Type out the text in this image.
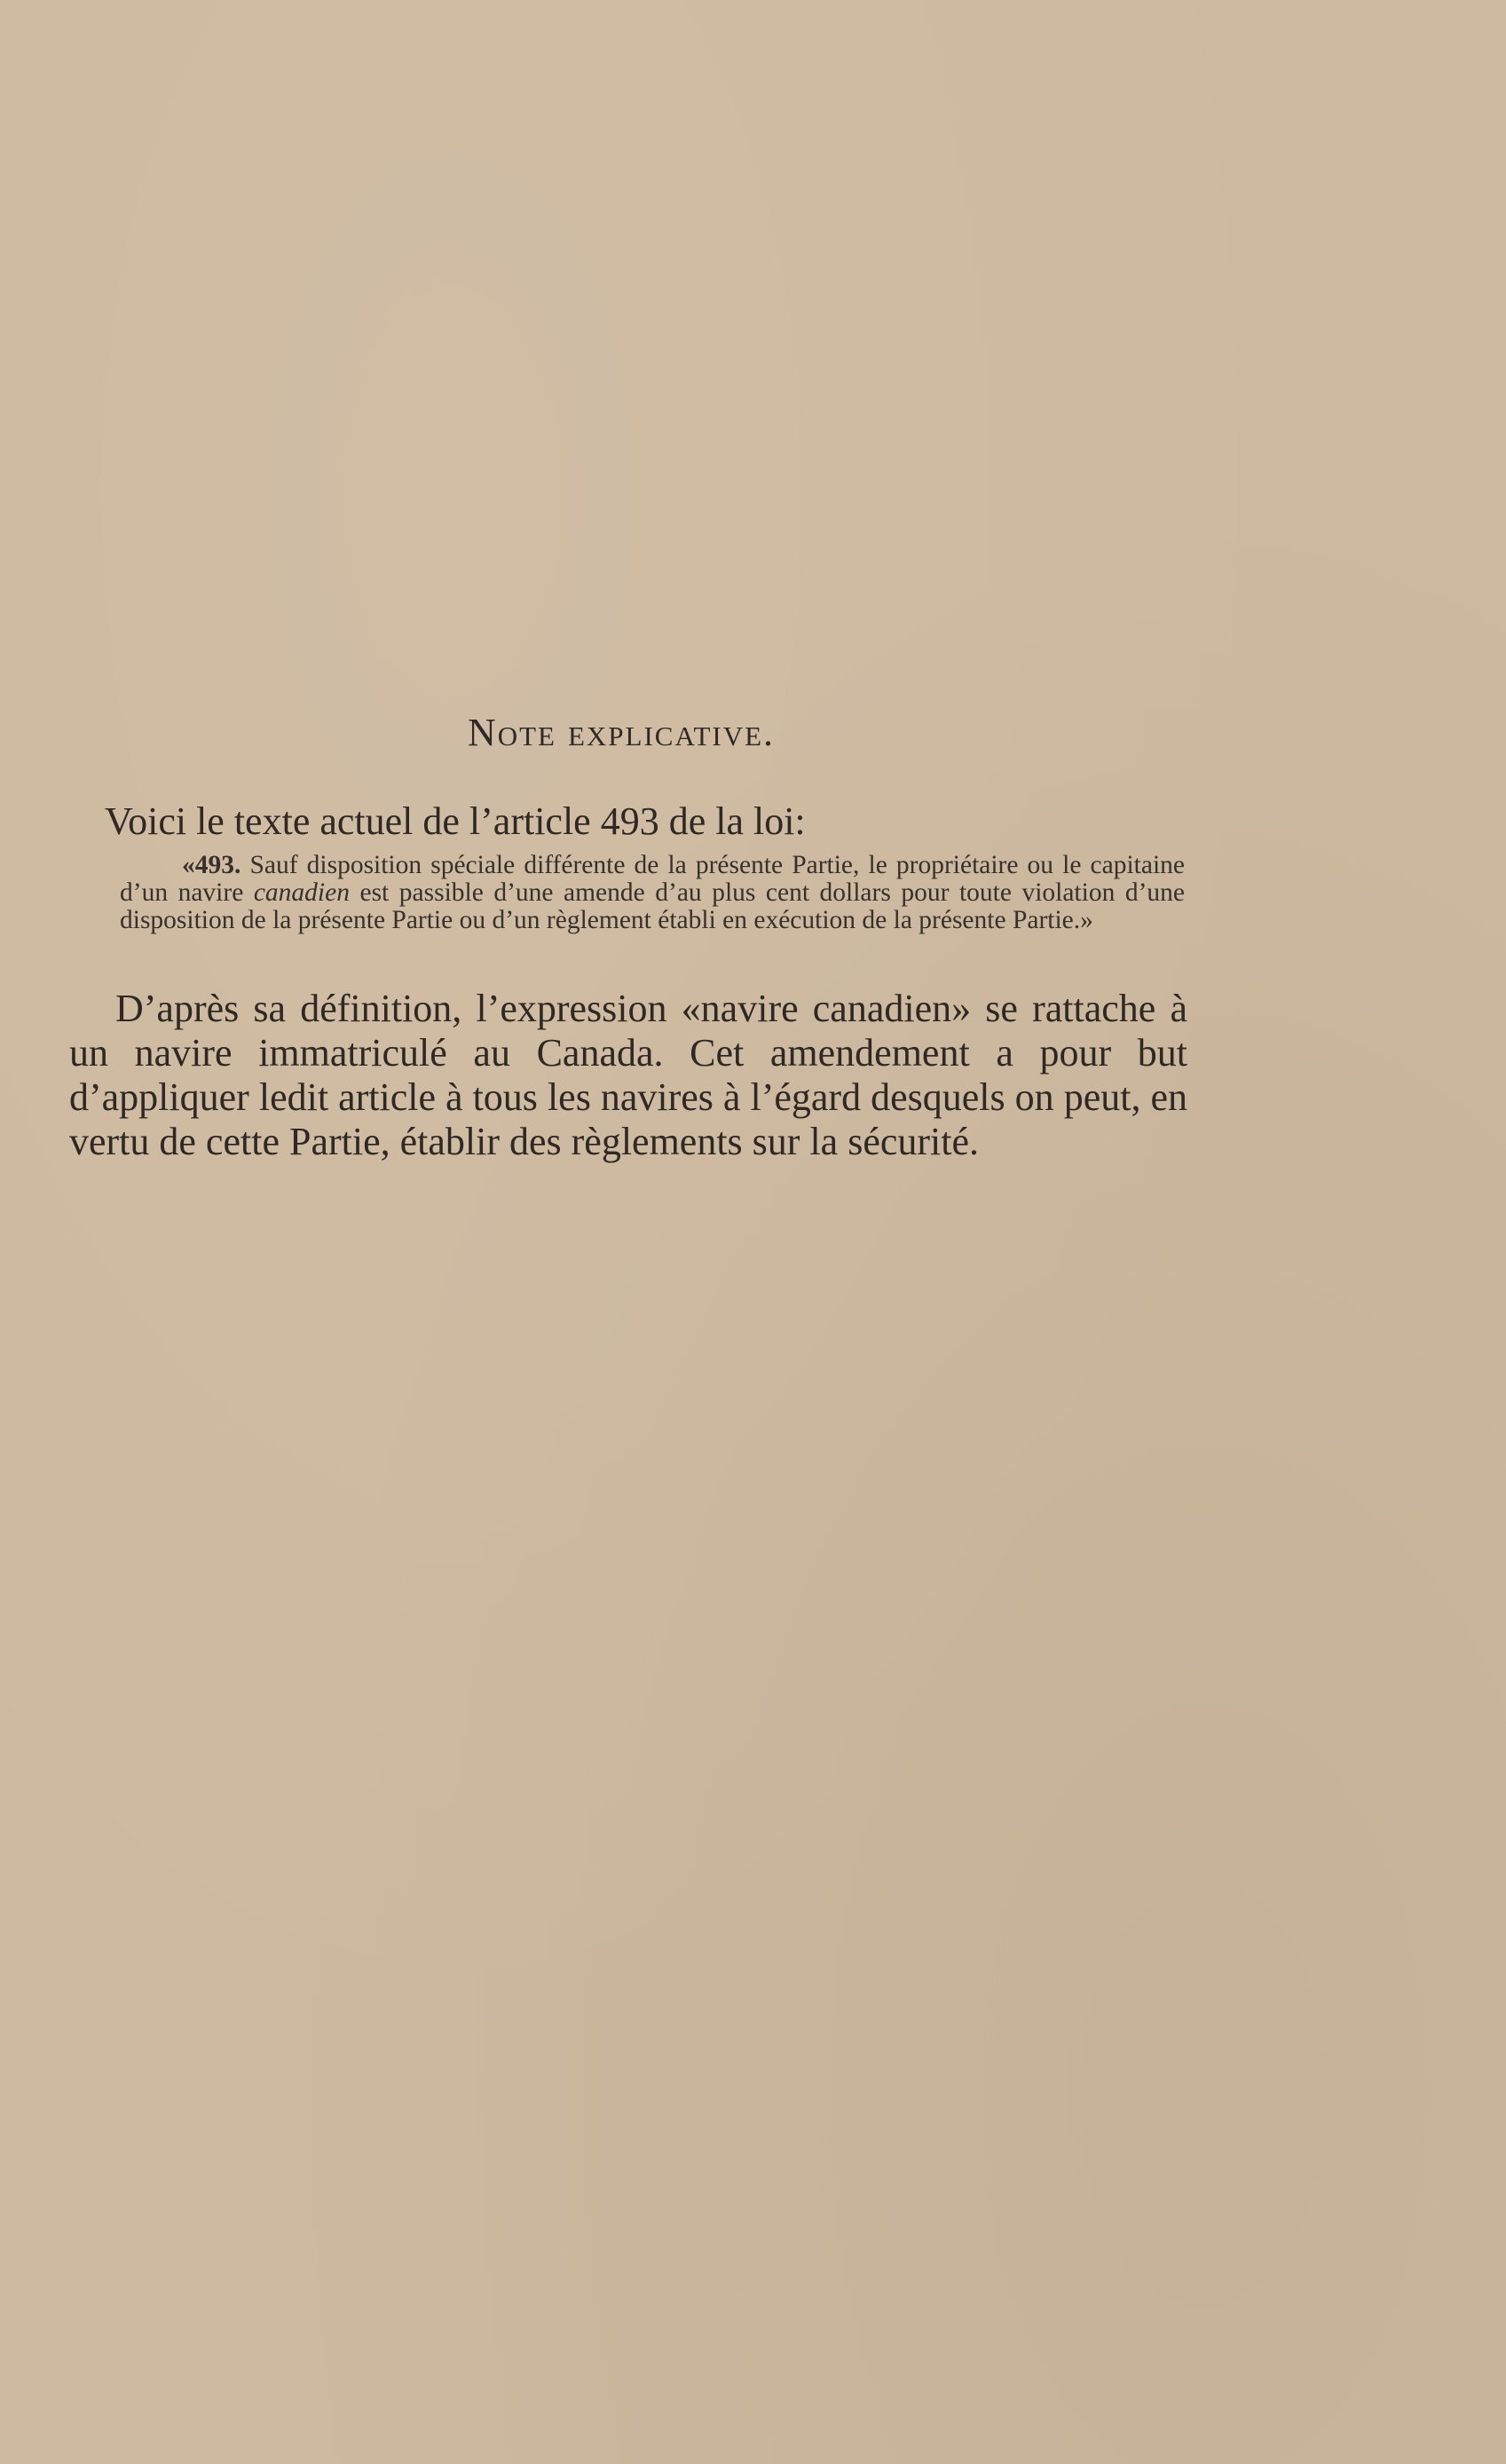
Note explicative.
Voici le texte actuel de l’article 493 de la loi:

«493. Sauf disposition spéciale différente de la présente Partie, le propriétaire ou le capitaine d’un navire canadien est passible d’une amende d’au plus cent dollars pour toute violation d’une disposition de la présente Partie ou d’un règlement établi en exécution de la présente Partie.»

D’après sa définition, l’expression «navire canadien» se rattache à un navire immatriculé au Canada. Cet amendement a pour but d’appliquer ledit article à tous les navires à l’égard desquels on peut, en vertu de cette Partie, établir des règlements sur la sécurité.
